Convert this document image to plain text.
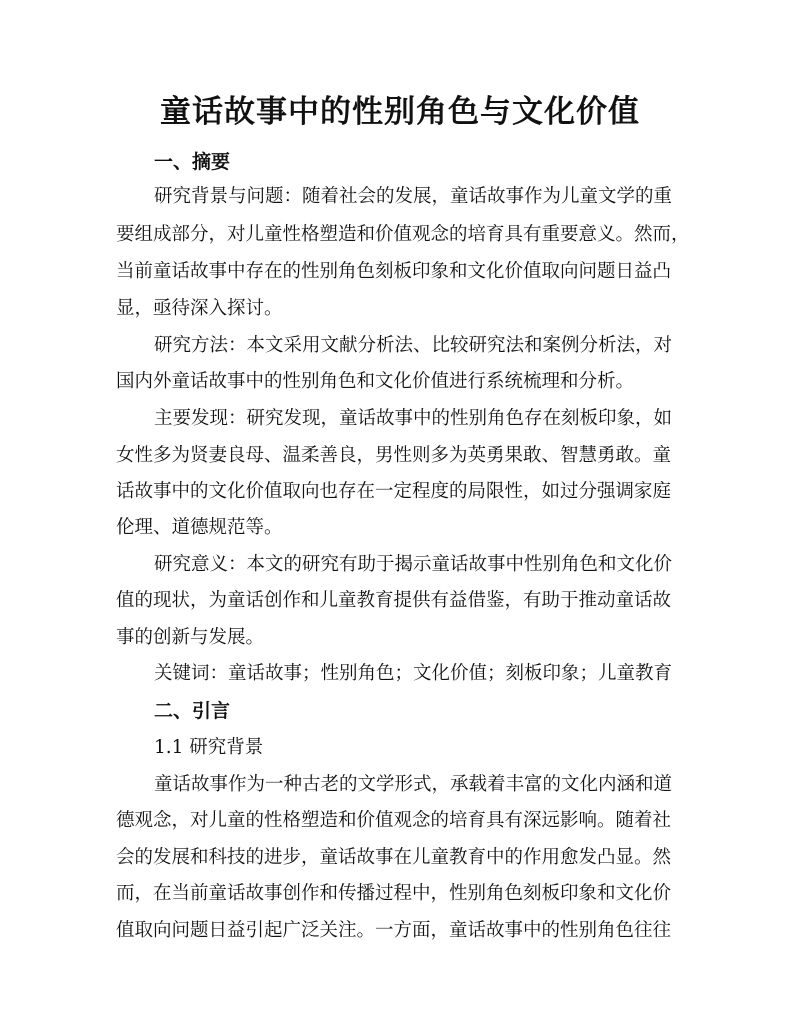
童话故事中的性别角色与文化价值
一、摘要
研究背景与问题：随着社会的发展，童话故事作为儿童文学的重
要组成部分，对儿童性格塑造和价值观念的培育具有重要意义。然而，
当前童话故事中存在的性别角色刻板印象和文化价值取向问题日益凸
显，亟待深入探讨。
研究方法：本文采用文献分析法、比较研究法和案例分析法，对
国内外童话故事中的性别角色和文化价值进行系统梳理和分析。
主要发现：研究发现，童话故事中的性别角色存在刻板印象，如
女性多为贤妻良母、温柔善良，男性则多为英勇果敢、智慧勇敢。童
话故事中的文化价值取向也存在一定程度的局限性，如过分强调家庭
伦理、道德规范等。
研究意义：本文的研究有助于揭示童话故事中性别角色和文化价
值的现状，为童话创作和儿童教育提供有益借鉴，有助于推动童话故
事的创新与发展。
关键词：童话故事；性别角色；文化价值；刻板印象；儿童教育
二、引言
1.1 研究背景
童话故事作为一种古老的文学形式，承载着丰富的文化内涵和道
德观念，对儿童的性格塑造和价值观念的培育具有深远影响。随着社
会的发展和科技的进步，童话故事在儿童教育中的作用愈发凸显。然
而，在当前童话故事创作和传播过程中，性别角色刻板印象和文化价
值取向问题日益引起广泛关注。一方面，童话故事中的性别角色往往
